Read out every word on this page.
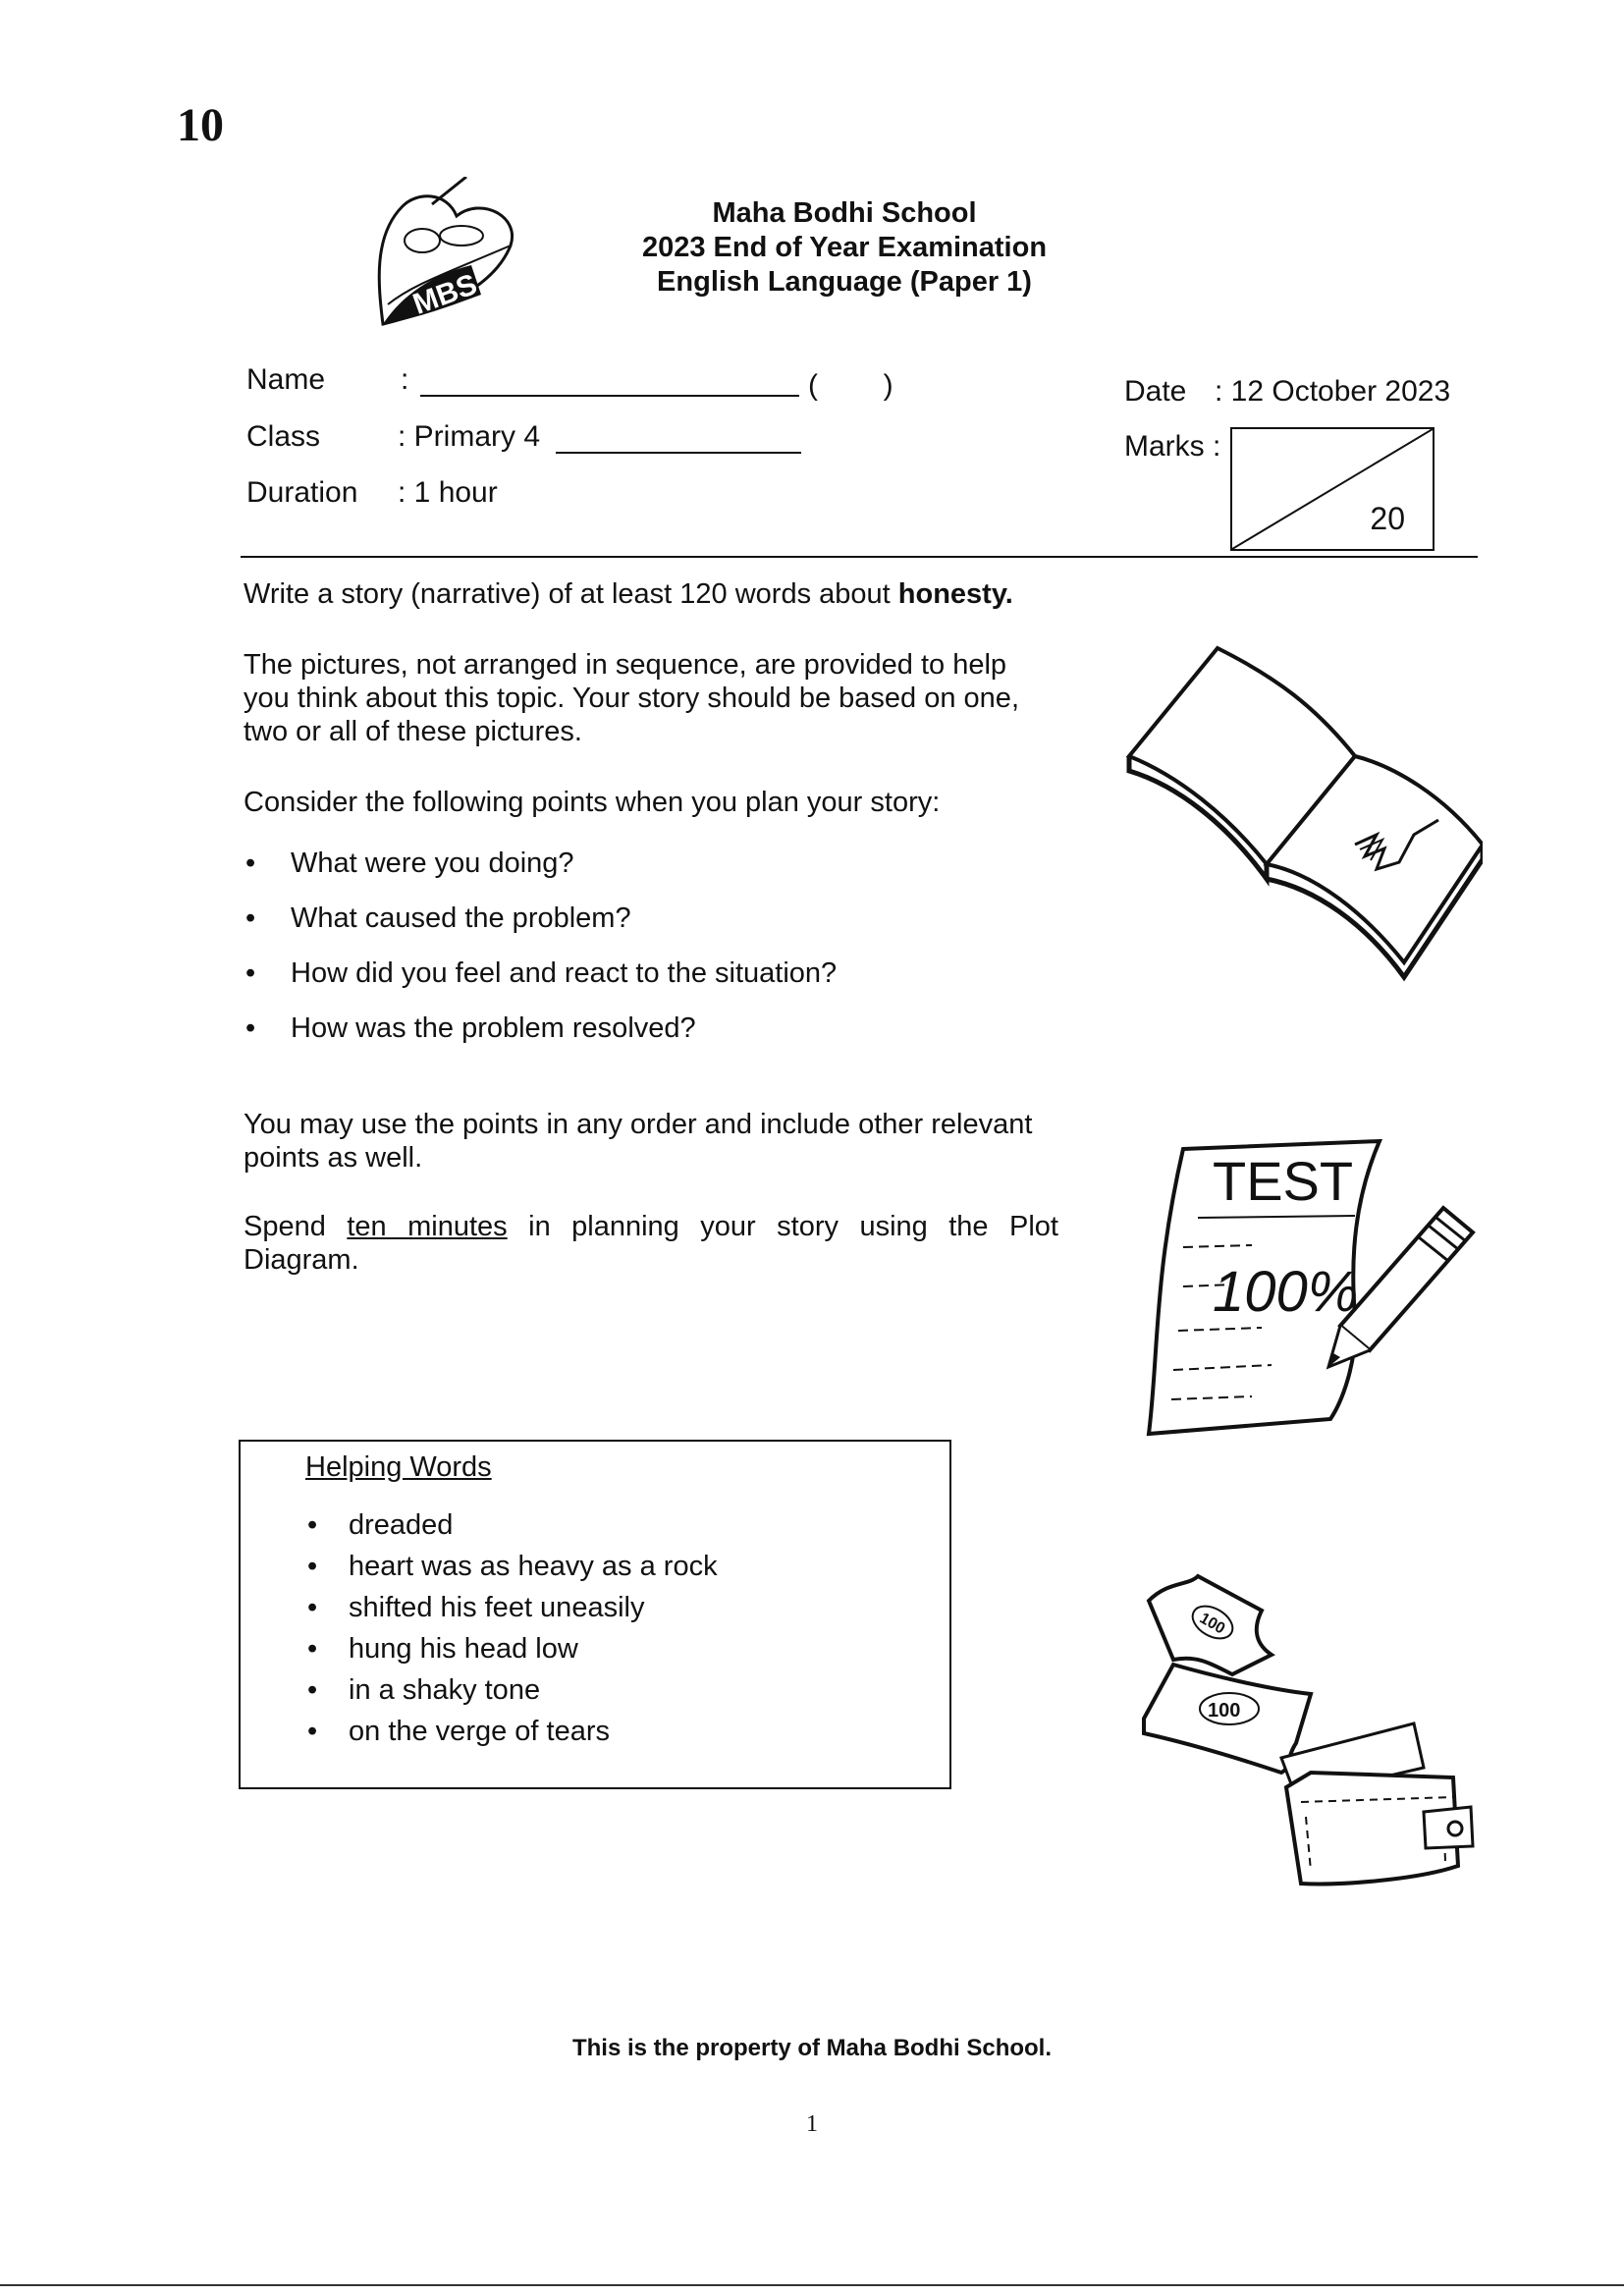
10
MBS
Maha Bodhi School
2023 End of Year Examination
English Language (Paper 1)
Name	:	(        )
Class	: Primary 4
Duration : 1 hour
Date : 12 October 2023
Marks :
20

Write a story (narrative) of at least 120 words about honesty.

The pictures, not arranged in sequence, are provided to help you think about this topic. Your story should be based on one, two or all of these pictures.
Consider the following points when you plan your story:
• What were you doing?
• What caused the problem?
• How did you feel and react to the situation?
• How was the problem resolved?
You may use the points in any order and include other relevant points as well.

Spend ten minutes in planning your story using the Plot Diagram.

Helping Words
• dreaded
• heart was as heavy as a rock
• shifted his feet uneasily
• hung his head low
• in a shaky tone
• on the verge of tears
TEST
100%
100
100
This is the property of Maha Bodhi School.
1
